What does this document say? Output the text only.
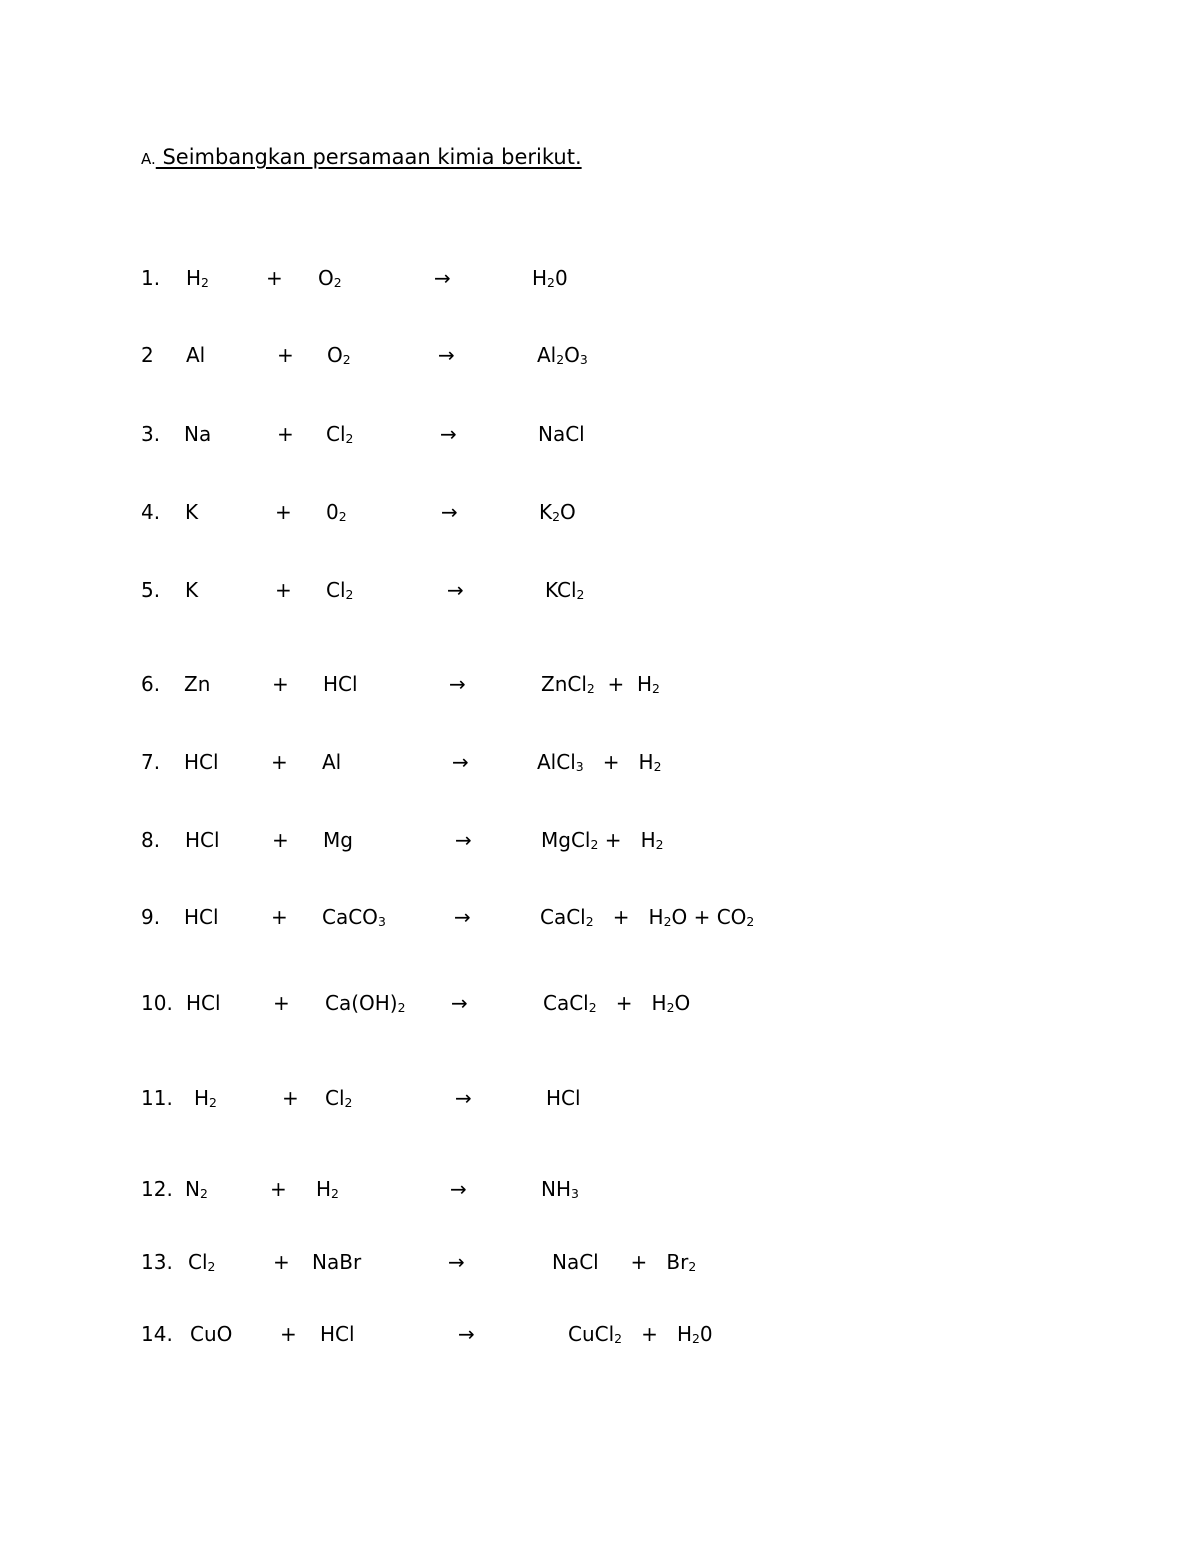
A. Seimbangkan persamaan kimia berikut.
1. $H_2$	+ $O_2$	→	$H_20$
2 Al	+ $O_2$	→	$Al_2O_3$
3. Na	+ $Cl_2$	→	NaCl
4. K	+ $0_2$	→	$K_2O$
5. K	+ $Cl_2$	→	KCl$_2$
6. Zn	+ HCl	→	ZnCl$_2$  +  $H_2$
7. HCl	+ Al	→	AlCl$_3$   +   $H_2$
8. HCl	+ Mg	→	MgCl$_2$ +   $H_2$
9. HCl	+ CaCO$_3$	→	CaCl$_2$   +   $H_2O + CO_2$
10. HCl	+ $Ca(OH)_2$ →	CaCl$_2$   +   $H_2O$
11. $H_2$	+ $Cl_2$	→	HCl
12. $N_2$	+ $H_2$	→	$NH_3$
13. $Cl_2$	+ NaBr	→	NaCl     +   $Br_2$
14. CuO + HCl	→	CuCl$_2$   +   $H_20$
